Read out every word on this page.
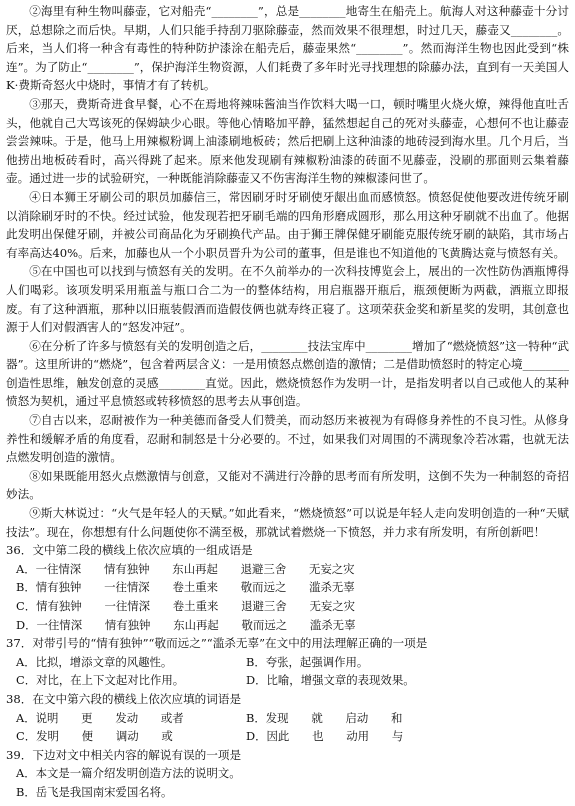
②海里有种生物叫藤壶，它对船壳“________”，总是________地寄生在船壳上。航海人对这种藤壶十分讨厌，总想除之而后快。早期，人们只能手持刮刀驱除藤壶，然而效果不很理想，时过几天，藤壶又________。后来，当人们将一种含有毒性的特种防护漆涂在船壳后，藤壶果然“________”。然而海洋生物也因此受到“株连”。为了防止“________”，保护海洋生物资源，人们耗费了多年时光寻找理想的除藤办法，直到有一天美国人K·费斯奇怒火中烧时，事情才有了转机。

③那天，费斯奇进食早餐，心不在焉地将辣味酱油当作饮料大喝一口，顿时嘴里火烧火燎，辣得他直吐舌头，他就自己大骂该死的保姆缺少心眼。等他心情略加平静，猛然想起自己的死对头藤壶，心想何不也让藤壶尝尝辣味。于是，他马上用辣椒粉调上油漆刷地板砖；然后把刷上这种油漆的地砖浸到海水里。几个月后，当他捞出地板砖看时，高兴得跳了起来。原来他发现刷有辣椒粉油漆的砖面不见藤壶，没刷的那面则云集着藤壶。通过进一步的试验研究，一种既能消除藤壶又不伤害海洋生物的辣椒漆问世了。

④日本狮王牙刷公司的职员加藤信三，常因刷牙时牙刷使牙龈出血而感愤怒。愤怒促使他要改进传统牙刷以消除刷牙时的不快。经过试验，他发现若把牙刷毛端的四角形磨成圆形，那么用这种牙刷就不出血了。他据此发明出保健牙刷，并被公司商品化为牙刷换代产品。由于狮王牌保健牙刷能克服传统牙刷的缺陷，其市场占有率高达40%。后来，加藤也从一个小职员晋升为公司的董事，但是谁也不知道他的飞黄腾达竟与愤怒有关。

⑤在中国也可以找到与愤怒有关的发明。在不久前举办的一次科技博览会上，展出的一次性防伪酒瓶博得人们喝彩。该项发明采用瓶盖与瓶口合二为一的整体结构，用启瓶器开瓶后，瓶颈便断为两截，酒瓶立即报废。有了这种酒瓶，那种以旧瓶装假酒而造假伎俩也就寿终正寝了。这项荣获金奖和新星奖的发明，其创意也源于人们对假酒害人的“怒发冲冠”。

⑥在分析了许多与愤怒有关的发明创造之后，________技法宝库中________增加了“燃烧愤怒”这一特种“武器”。这里所讲的“燃烧”，包含着两层含义：一是用愤怒点燃创造的激情；二是借助愤怒时的特定心境________创造性思维，触发创意的灵感________直觉。因此，燃烧愤怒作为发明一计，是指发明者以自己或他人的某种愤怒为契机，通过平息愤怒或转移愤怒的思考去从事创造。

⑦自古以来，忍耐被作为一种美德而备受人们赞美，而动怒历来被视为有碍修身养性的不良习性。从修身养性和缓解矛盾的角度看，忍耐和制怒是十分必要的。不过，如果我们对周围的不满现象冷若冰霜，也就无法点燃发明创造的激情。

⑧如果既能用怒火点燃激情与创意，又能对不满进行冷静的思考而有所发明，这倒不失为一种制怒的奇招妙法。

⑨斯大林说过：“火气是年轻人的天赋。”如此看来，“燃烧愤怒”可以说是年轻人走向发明创造的一种“天赋技法”。现在，你想想有什么问题使你不满至极，那就试着燃烧一下愤怒，并力求有所发明，有所创新吧！

36．文中第二段的横线上依次应填的一组成语是

A．一往情深　　情有独钟　　东山再起　　退避三舍　　无妄之灾

B．情有独钟　　一往情深　　卷土重来　　敬而远之　　滥杀无辜

C．情有独钟　　一往情深　　卷土重来　　退避三舍　　无妄之灾

D．一往情深　　情有独钟　　东山再起　　敬而远之　　滥杀无辜

37．对带引号的“情有独钟”“敬而远之”“滥杀无辜”在文中的用法理解正确的一项是

A．比拟，增添文章的风趣性。	B．夸张，起强调作用。
C．对比，在上下文起对比作用。	D．比喻，增强文章的表现效果。

38．在文中第六段的横线上依次应填的词语是

A．说明　　更　　发动　　或者	B．发现　　就　　启动　　和
C．发明　　便　　调动　　或	D．因此　　也　　动用　　与

39．下边对文中相关内容的解说有误的一项是

A．本文是一篇介绍发明创造方法的说明文。

B．岳飞是我国南宋爱国名将。
